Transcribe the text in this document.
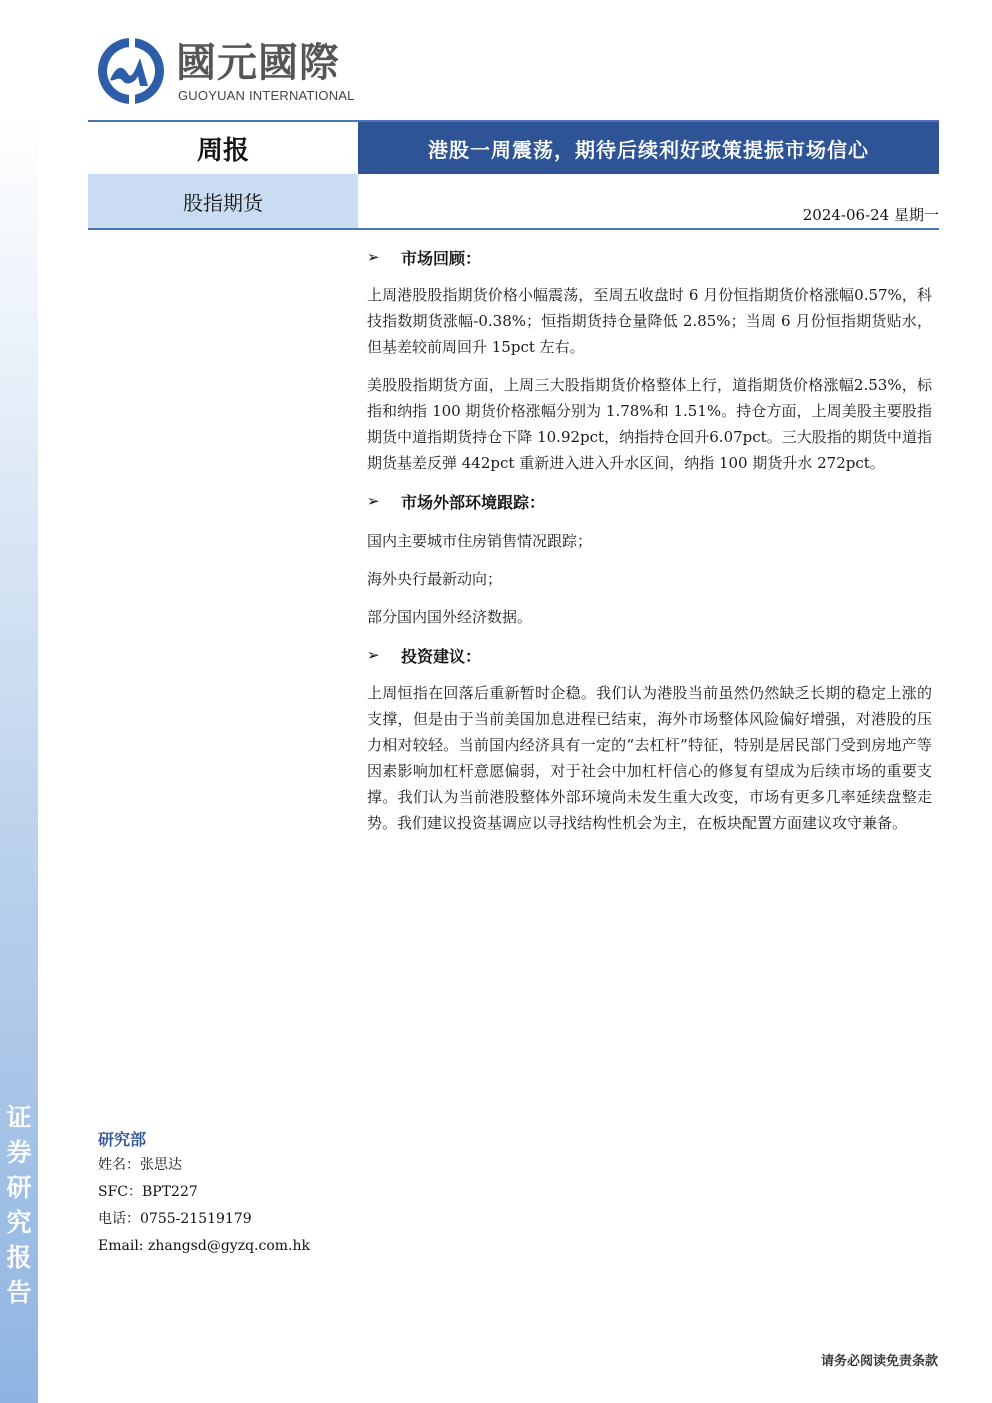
证券研究报告
國元國際
GUOYUAN INTERNATIONAL
周报	港股一周震荡，期待后续利好政策提振市场信心
股指期货
2024-06-24 星期一
➢	市场回顾：

上周港股股指期货价格小幅震荡，至周五收盘时 6 月份恒指期货价格涨幅0.57%，科技指数期货涨幅-0.38%；恒指期货持仓量降低 2.85%；当周 6 月份恒指期货贴水，但基差较前周回升 15pct 左右。

美股股指期货方面，上周三大股指期货价格整体上行，道指期货价格涨幅2.53%，标指和纳指 100 期货价格涨幅分别为 1.78%和 1.51%。持仓方面，上周美股主要股指期货中道指期货持仓下降 10.92pct，纳指持仓回升6.07pct。三大股指的期货中道指期货基差反弹 442pct 重新进入进入升水区间，纳指 100 期货升水 272pct。

➢	市场外部环境跟踪：

国内主要城市住房销售情况跟踪；

海外央行最新动向；

部分国内国外经济数据。

➢	投资建议：

上周恒指在回落后重新暂时企稳。我们认为港股当前虽然仍然缺乏长期的稳定上涨的支撑，但是由于当前美国加息进程已结束，海外市场整体风险偏好增强，对港股的压力相对较轻。当前国内经济具有一定的“去杠杆”特征，特别是居民部门受到房地产等因素影响加杠杆意愿偏弱，对于社会中加杠杆信心的修复有望成为后续市场的重要支撑。我们认为当前港股整体外部环境尚未发生重大改变，市场有更多几率延续盘整走势。我们建议投资基调应以寻找结构性机会为主，在板块配置方面建议攻守兼备。

研究部
姓名：张思达
SFC：BPT227
电话：0755-21519179
Email: zhangsd@gyzq.com.hk
请务必阅读免责条款
